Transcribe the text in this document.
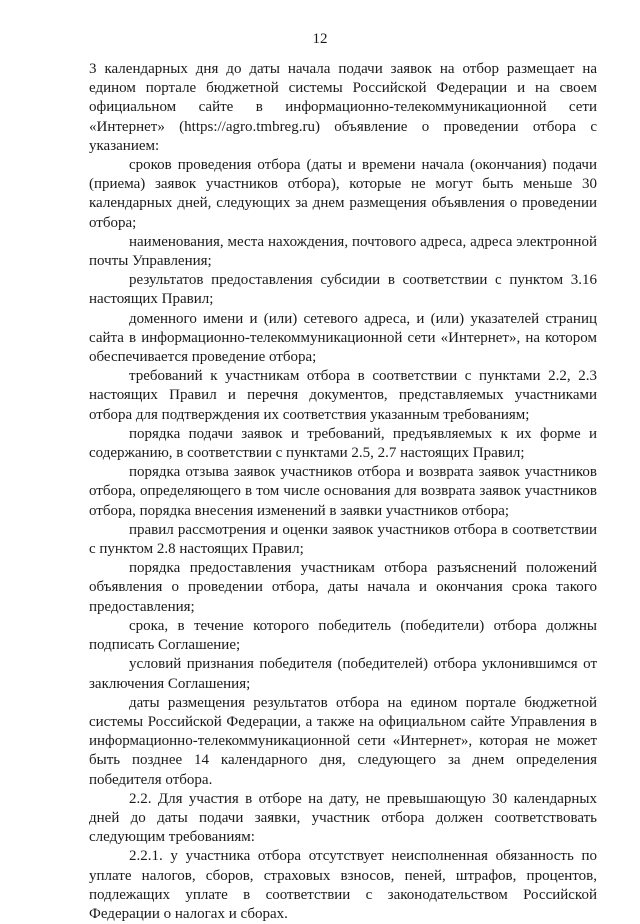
12

3 календарных дня до даты начала подачи заявок на отбор размещает на едином портале бюджетной системы Российской Федерации и на своем официальном сайте в информационно-телекоммуникационной сети «Интернет» (https://agro.tmbreg.ru) объявление о проведении отбора с указанием:

сроков проведения отбора (даты и времени начала (окончания) подачи (приема) заявок участников отбора), которые не могут быть меньше 30 календарных дней, следующих за днем размещения объявления о проведении отбора;

наименования, места нахождения, почтового адреса, адреса электронной почты Управления;

результатов предоставления субсидии в соответствии с пунктом 3.16 настоящих Правил;

доменного имени и (или) сетевого адреса, и (или) указателей страниц сайта в информационно-телекоммуникационной сети «Интернет», на котором обеспечивается проведение отбора;

требований к участникам отбора в соответствии с пунктами 2.2, 2.3 настоящих Правил и перечня документов, представляемых участниками отбора для подтверждения их соответствия указанным требованиям;

порядка подачи заявок и требований, предъявляемых к их форме и содержанию, в соответствии с пунктами 2.5, 2.7 настоящих Правил;

порядка отзыва заявок участников отбора и возврата заявок участников отбора, определяющего в том числе основания для возврата заявок участников отбора, порядка внесения изменений в заявки участников отбора;

правил рассмотрения и оценки заявок участников отбора в соответствии с пунктом 2.8 настоящих Правил;

порядка предоставления участникам отбора разъяснений положений объявления о проведении отбора, даты начала и окончания срока такого предоставления;

срока, в течение которого победитель (победители) отбора должны подписать Соглашение;

условий признания победителя (победителей) отбора уклонившимся от заключения Соглашения;

даты размещения результатов отбора на едином портале бюджетной системы Российской Федерации, а также на официальном сайте Управления в информационно-телекоммуникационной сети «Интернет», которая не может быть позднее 14 календарного дня, следующего за днем определения победителя отбора.

2.2. Для участия в отборе на дату, не превышающую 30 календарных дней до даты подачи заявки, участник отбора должен соответствовать следующим требованиям:

2.2.1. у участника отбора отсутствует неисполненная обязанность по уплате налогов, сборов, страховых взносов, пеней, штрафов, процентов, подлежащих уплате в соответствии с законодательством Российской Федерации о налогах и сборах.
